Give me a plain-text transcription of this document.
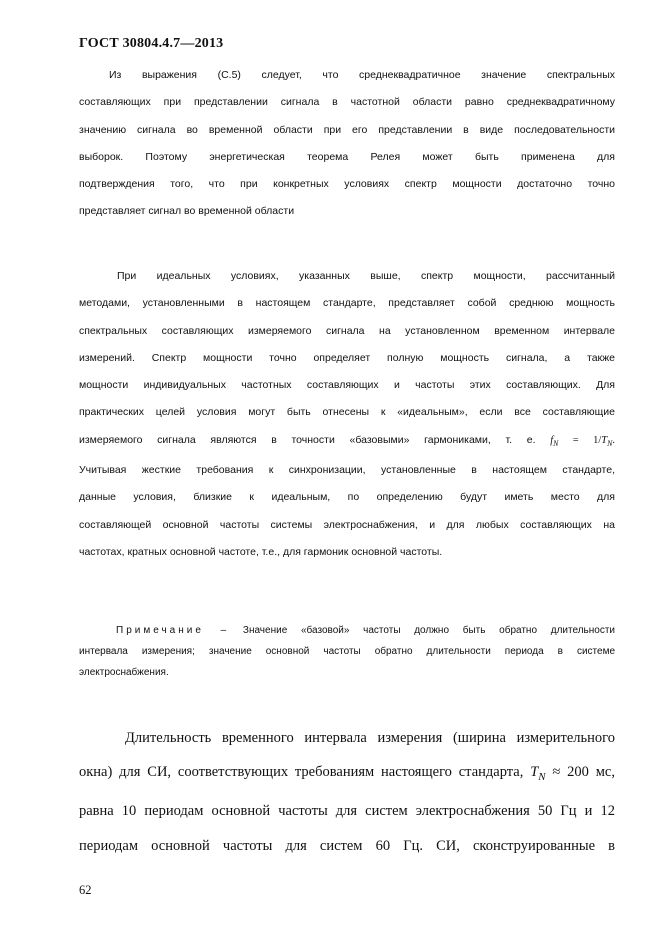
ГОСТ 30804.4.7—2013
Из выражения (С.5) следует, что среднеквадратичное значение спектральных
составляющих при представлении сигнала в частотной области равно среднеквадратичному
значению сигнала во временной области при его представлении в виде последовательности
выборок. Поэтому энергетическая теорема Релея может быть применена для
подтверждения того, что при конкретных условиях спектр мощности достаточно точно
представляет сигнал во временной области
При идеальных условиях, указанных выше, спектр мощности, рассчитанный
методами, установленными в настоящем стандарте, представляет собой среднюю мощность
спектральных составляющих измеряемого сигнала на установленном временном интервале
измерений. Спектр мощности точно определяет полную мощность сигнала, а также
мощности индивидуальных частотных составляющих и частоты этих составляющих. Для
практических целей условия могут быть отнесены к «идеальным», если все составляющие
измеряемого сигнала являются в точности «базовыми» гармониками, т. е. $f_N = 1/T_N$.
Учитывая жесткие требования к синхронизации, установленные в настоящем стандарте,
данные условия, близкие к идеальным, по определению будут иметь место для
составляющей основной частоты системы электроснабжения, и для любых составляющих на
частотах, кратных основной частоте, т.е., для гармоник основной частоты.
Примечание – Значение «базовой» частоты должно быть обратно длительности
интервала измерения; значение основной частоты обратно длительности периода в системе
электроснабжения.
Длительность временного интервала измерения (ширина измерительного
окна) для СИ, соответствующих требованиям настоящего стандарта, $T_N \approx 200$ мс,
равна 10 периодам основной частоты для систем электроснабжения 50 Гц и 12
периодам основной частоты для систем 60 Гц. СИ, сконструированные в
62
